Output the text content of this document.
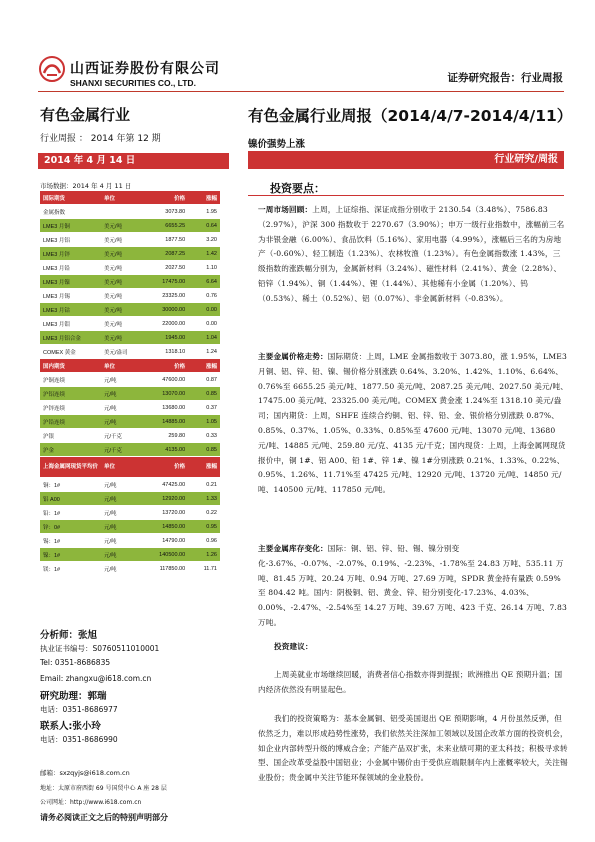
山西证券股份有限公司
SHANXI SECURITIES CO., LTD.	证券研究报告：行业周报
有色金属行业
行业周报 ： 2014 年第 12 期
2014 年 4 月 14 日
市场数据：2014 年 4 月 11 日
国际期货	单位	价格	涨幅
金属指数		3073.80	1.95
LME3 月铜	美元/吨	6655.25	0.64
LME3 月铝	美元/吨	1877.50	3.20
LME3 月锌	美元/吨	2087.25	1.42
LME3 月铅	美元/吨	2027.50	1.10
LME3 月镍	美元/吨	17475.00	6.64
LME3 月锡	美元/吨	23325.00	0.76
LME3 月钴	美元/吨	30000.00	0.00
LME3 月钼	美元/吨	22000.00	0.00
LME3 月铝合金	美元/吨	1945.00	1.04
COMEX 黄金	美元/盎司	1318.10	1.24
国内期货	单位	价格	涨幅
沪铜连续	元/吨	47600.00	0.87
沪铝连续	元/吨	13070.00	0.85
沪锌连续	元/吨	13680.00	0.37
沪铅连续	元/吨	14885.00	1.05
沪银	元/千克	259.80	0.33
沪金	元/千克	4135.00	0.85
上海金属网现货平均价	单位	价格	涨幅
铜：1#	元/吨	47425.00	0.21
铝 A00	元/吨	12920.00	1.33
铅：1#	元/吨	13720.00	0.22
锌：0#	元/吨	14850.00	0.95
锡：1#	元/吨	14790.00	0.96
镍：1#	元/吨	140500.00	1.26
镁：1#	元/吨	117850.00	11.71
分析师：张旭
执业证书编号：S0760511010001
Tel: 0351-8686835
Email: zhangxu@i618.com.cn
研究助理：郭瑞
电话：0351-8686977
联系人:张小玲
电话：0351-8686990
邮箱：sxzqyjs@i618.com.cn
地址：太原市府西街 69 号国贸中心 A 座 28 层
公司网址：http://www.i618.com.cn
请务必阅读正文之后的特别声明部分
有色金属行业周报（2014/4/7-2014/4/11）
镍价强势上涨
行业研究/周报
投资要点：
一周市场回顾：上周，上证综指、深证成指分别收于 2130.54（3.48%）、7586.83（2.97%），沪深 300 指数收于 2270.67（3.90%）；申万一级行业指数中，涨幅前三名为非银金融（6.00%）、食品饮料（5.16%）、家用电器（4.99%），涨幅后三名的为房地产（-0.60%）、轻工制造（1.23%）、农林牧渔（1.23%）。有色金属指数涨 1.43%，三级指数的涨跌幅分别为，金属新材料（3.24%）、磁性材料（2.41%）、黄金（2.28%）、铅锌（1.94%）、铜（1.44%）、锂（1.44%）、其他稀有小金属（1.20%）、钨（0.53%）、稀土（0.52%）、铝（0.07%）、非金属新材料（-0.83%）。
主要金属价格走势：国际期货：上周，LME 金属指数收于 3073.80，涨 1.95%，LME3 月铜、铝、锌、铅、镍、锡价格分别涨跌 0.64%、3.20%、1.42%、1.10%、6.64%、0.76%至 6655.25 美元/吨、1877.50 美元/吨、2087.25 美元/吨、2027.50 美元/吨、17475.00 美元/吨、23325.00 美元/吨。COMEX 黄金涨 1.24%至 1318.10 美元/盎司；国内期货：上周，SHFE 连续合约铜、铝、锌、铅、金、银价格分别涨跌 0.87%、0.85%、0.37%、1.05%、0.33%、0.85%至 47600 元/吨、13070 元/吨、13680 元/吨、14885 元/吨、259.80 元/克、4135 元/千克；国内现货：上周，上海金属网现货报价中，铜 1#、铝 A00、铅 1#、锌 1#、镍 1#分别涨跌 0.21%、1.33%、0.22%、0.95%、1.26%、11.71%至 47425 元/吨、12920 元/吨、13720 元/吨、14850 元/吨、140500 元/吨、117850 元/吨。
主要金属库存变化：国际：铜、铝、锌、铅、锡、镍分别变化-3.67%、-0.07%、-2.07%、0.19%、-2.23%、-1.78%至 24.83 万吨、535.11 万吨、81.45 万吨、20.24 万吨、0.94 万吨、27.69 万吨，SPDR 黄金持有量跌 0.59%至 804.42 吨。国内：阴极铜、铝、黄金、锌、铅分别变化-17.23%、4.03%、0.00%、-2.47%、-2.54%至 14.27 万吨、39.67 万吨、423 千克、26.14 万吨、7.83 万吨。
投资建议：
上周美就业市场继续回暖，消费者信心指数亦得到提振；欧洲推出 QE 预期升温；国内经济依然没有明显起色。
我们的投资策略为：基本金属铜、铝受美国退出 QE 预期影响，4 月份虽然反弹，但依然乏力，难以形成趋势性涨势，我们依然关注深加工领域以及国企改革方面的投资机会，如企业内部转型升级的博威合金；产能产品双扩张，未来业绩可期的亚太科技；积极寻求转型、国企改革受益股中国铝业；小金属中锡价由于受供应端限制年内上涨概率较大，关注锡业股份；贵金属中关注节能环保领域的金业股份。
